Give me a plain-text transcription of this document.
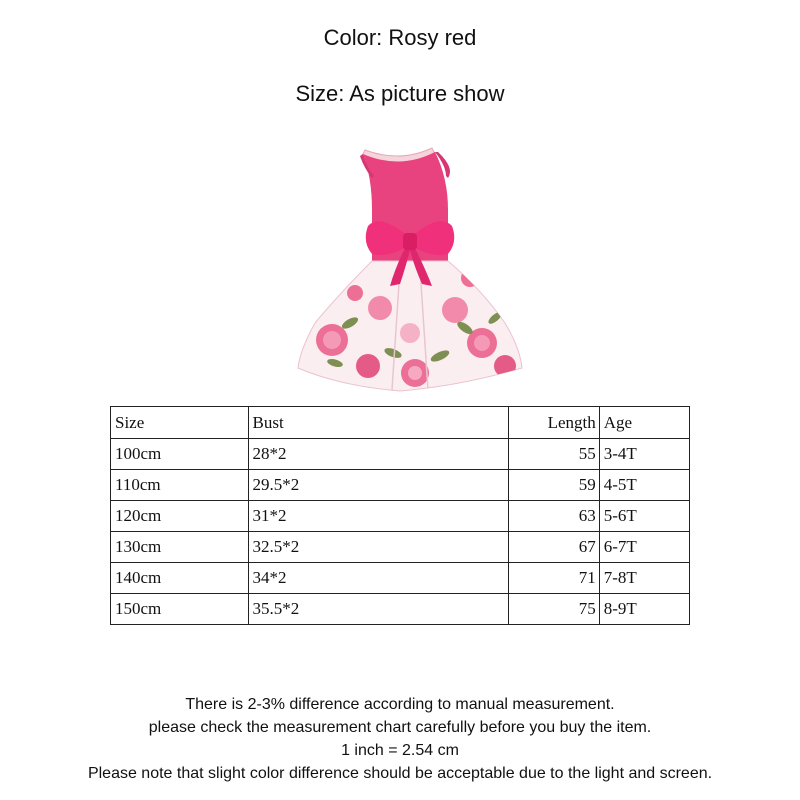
Color: Rosy red
Size: As picture show
Size	Bust	Length	Age
100cm	28*2	55	3-4T
110cm	29.5*2	59	4-5T
120cm	31*2	63	5-6T
130cm	32.5*2	67	6-7T
140cm	34*2	71	7-8T
150cm	35.5*2	75	8-9T
There is 2-3% difference according to manual measurement.
please check the measurement chart carefully before you buy the item.
1 inch = 2.54 cm
Please note that slight color difference should be acceptable due to the light and screen.
